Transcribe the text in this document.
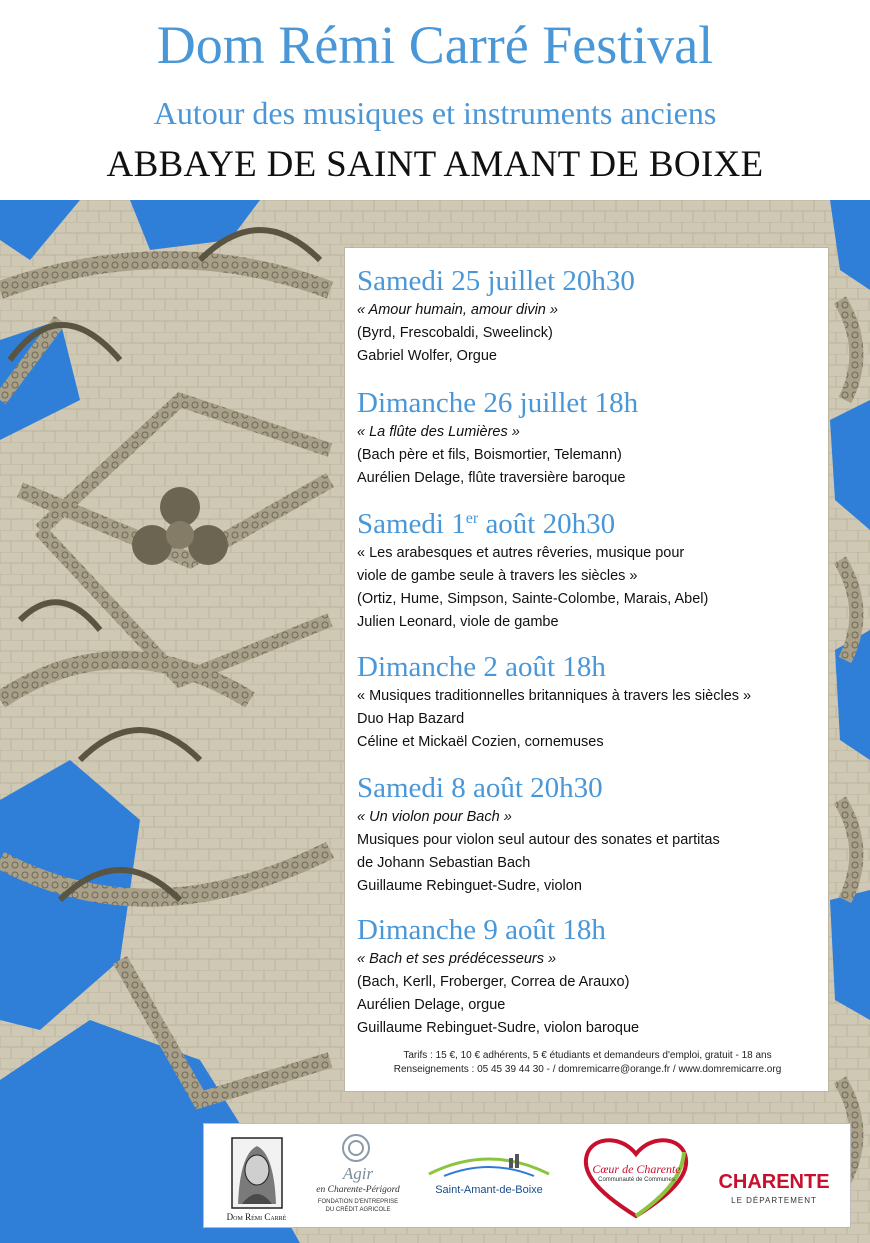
Dom Rémi Carré Festival
Autour des musiques et instruments anciens
ABBAYE DE SAINT AMANT DE BOIXE
Samedi 25 juillet 20h30
« Amour humain, amour divin »
(Byrd, Frescobaldi, Sweelinck)
Gabriel Wolfer, Orgue
Dimanche 26 juillet 18h
« La flûte des Lumières »
(Bach père et fils, Boismortier, Telemann)
Aurélien Delage, flûte traversière baroque
Samedi 1er août 20h30
« Les arabesques et autres rêveries, musique pour
viole de gambe seule à travers les siècles »
(Ortiz, Hume, Simpson, Sainte-Colombe, Marais, Abel)
Julien Leonard, viole de gambe
Dimanche 2 août 18h
« Musiques traditionnelles britanniques à travers les siècles »
Duo Hap Bazard
Céline et Mickaël Cozien, cornemuses
Samedi 8 août 20h30
« Un violon pour Bach »
Musiques pour violon seul autour des sonates et partitas
de Johann Sebastian Bach
Guillaume Rebinguet-Sudre, violon
Dimanche 9 août 18h
« Bach et ses prédécesseurs »
(Bach, Kerll, Froberger, Correa de Arauxo)
Aurélien Delage, orgue
Guillaume Rebinguet-Sudre, violon baroque
Tarifs : 15 €, 10 € adhérents, 5 € étudiants et demandeurs d'emploi, gratuit - 18 ans
Renseignements : 05 45 39 44 30 - / domremicarre@orange.fr / www.domremicarre.org
Dom Rémi Carré
Agir
en Charente-Périgord
FONDATION D'ENTREPRISE
DU CRÉDIT AGRICOLE
Saint-Amant-de-Boixe
Cœur de Charente
Communauté de Communes	CHARENTE
LE DÉPARTEMENT
